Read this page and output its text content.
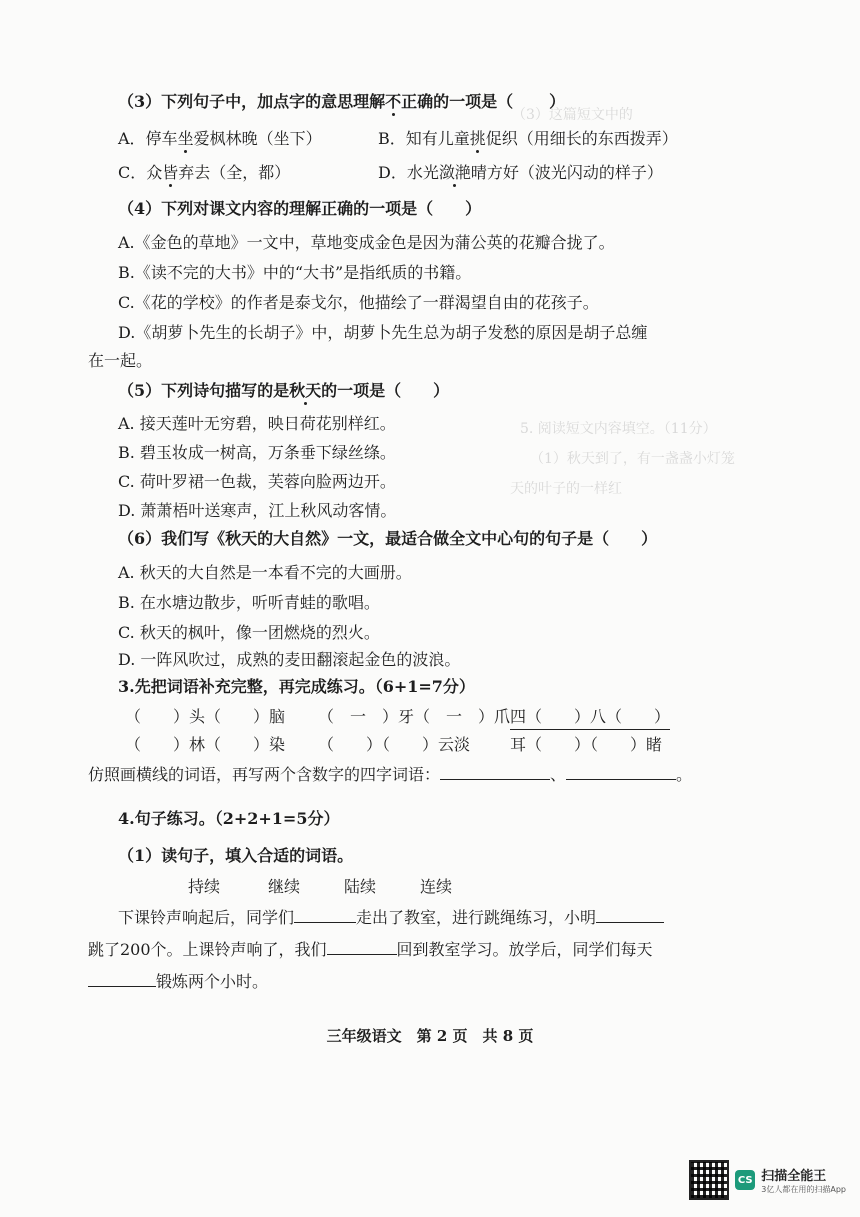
（3）这篇短文中的
5. 阅读短文内容填空。（11分）
（1）秋天到了，有一盏盏小灯笼
天的叶子的一样红
（3）下列句子中，加点字的意思理解不正确的一项是（ ）
A．停车坐爱枫林晚（坐下）	B．知有儿童挑促织（用细长的东西拨弄）
C．众皆弃去（全，都）	D．水光潋滟晴方好（波光闪动的样子）
（4）下列对课文内容的理解正确的一项是（　　）
A.《金色的草地》一文中，草地变成金色是因为蒲公英的花瓣合拢了。
B.《读不完的大书》中的“大书”是指纸质的书籍。
C.《花的学校》的作者是泰戈尔，他描绘了一群渴望自由的花孩子。
D.《胡萝卜先生的长胡子》中，胡萝卜先生总为胡子发愁的原因是胡子总缠
在一起。
（5）下列诗句描写的是秋天的一项是（　　）
A. 接天莲叶无穷碧，映日荷花别样红。
B. 碧玉妆成一树高，万条垂下绿丝绦。
C. 荷叶罗裙一色裁，芙蓉向脸两边开。
D. 萧萧梧叶送寒声，江上秋风动客情。
（6）我们写《秋天的大自然》一文，最适合做全文中心句的句子是（　　）
A. 秋天的大自然是一本看不完的大画册。
B. 在水塘边散步，听听青蛙的歌唱。
C. 秋天的枫叶，像一团燃烧的烈火。
D. 一阵风吹过，成熟的麦田翻滚起金色的波浪。
3.先把词语补充完整，再完成练习。（6+1=7分）
（　　）头（　　）脑 （　一　）牙（　一　）爪 四（　　）八（　　）
（　　）林（　　）染 （　　）（　　）云淡 耳（　　）（　　）睹
仿照画横线的词语，再写两个含数字的四字词语：	、	。
4.句子练习。（2+2+1=5分）
（1）读句子，填入合适的词语。
持续	继续	陆续	连续
下课铃声响起后，同学们	走出了教室，进行跳绳练习，小明
跳了200个。上课铃声响了，我们	回到教室学习。放学后，同学们每天
锻炼两个小时。
三年级语文　第 2 页　共 8 页
CS 扫描全能王
3亿人都在用的扫描App
